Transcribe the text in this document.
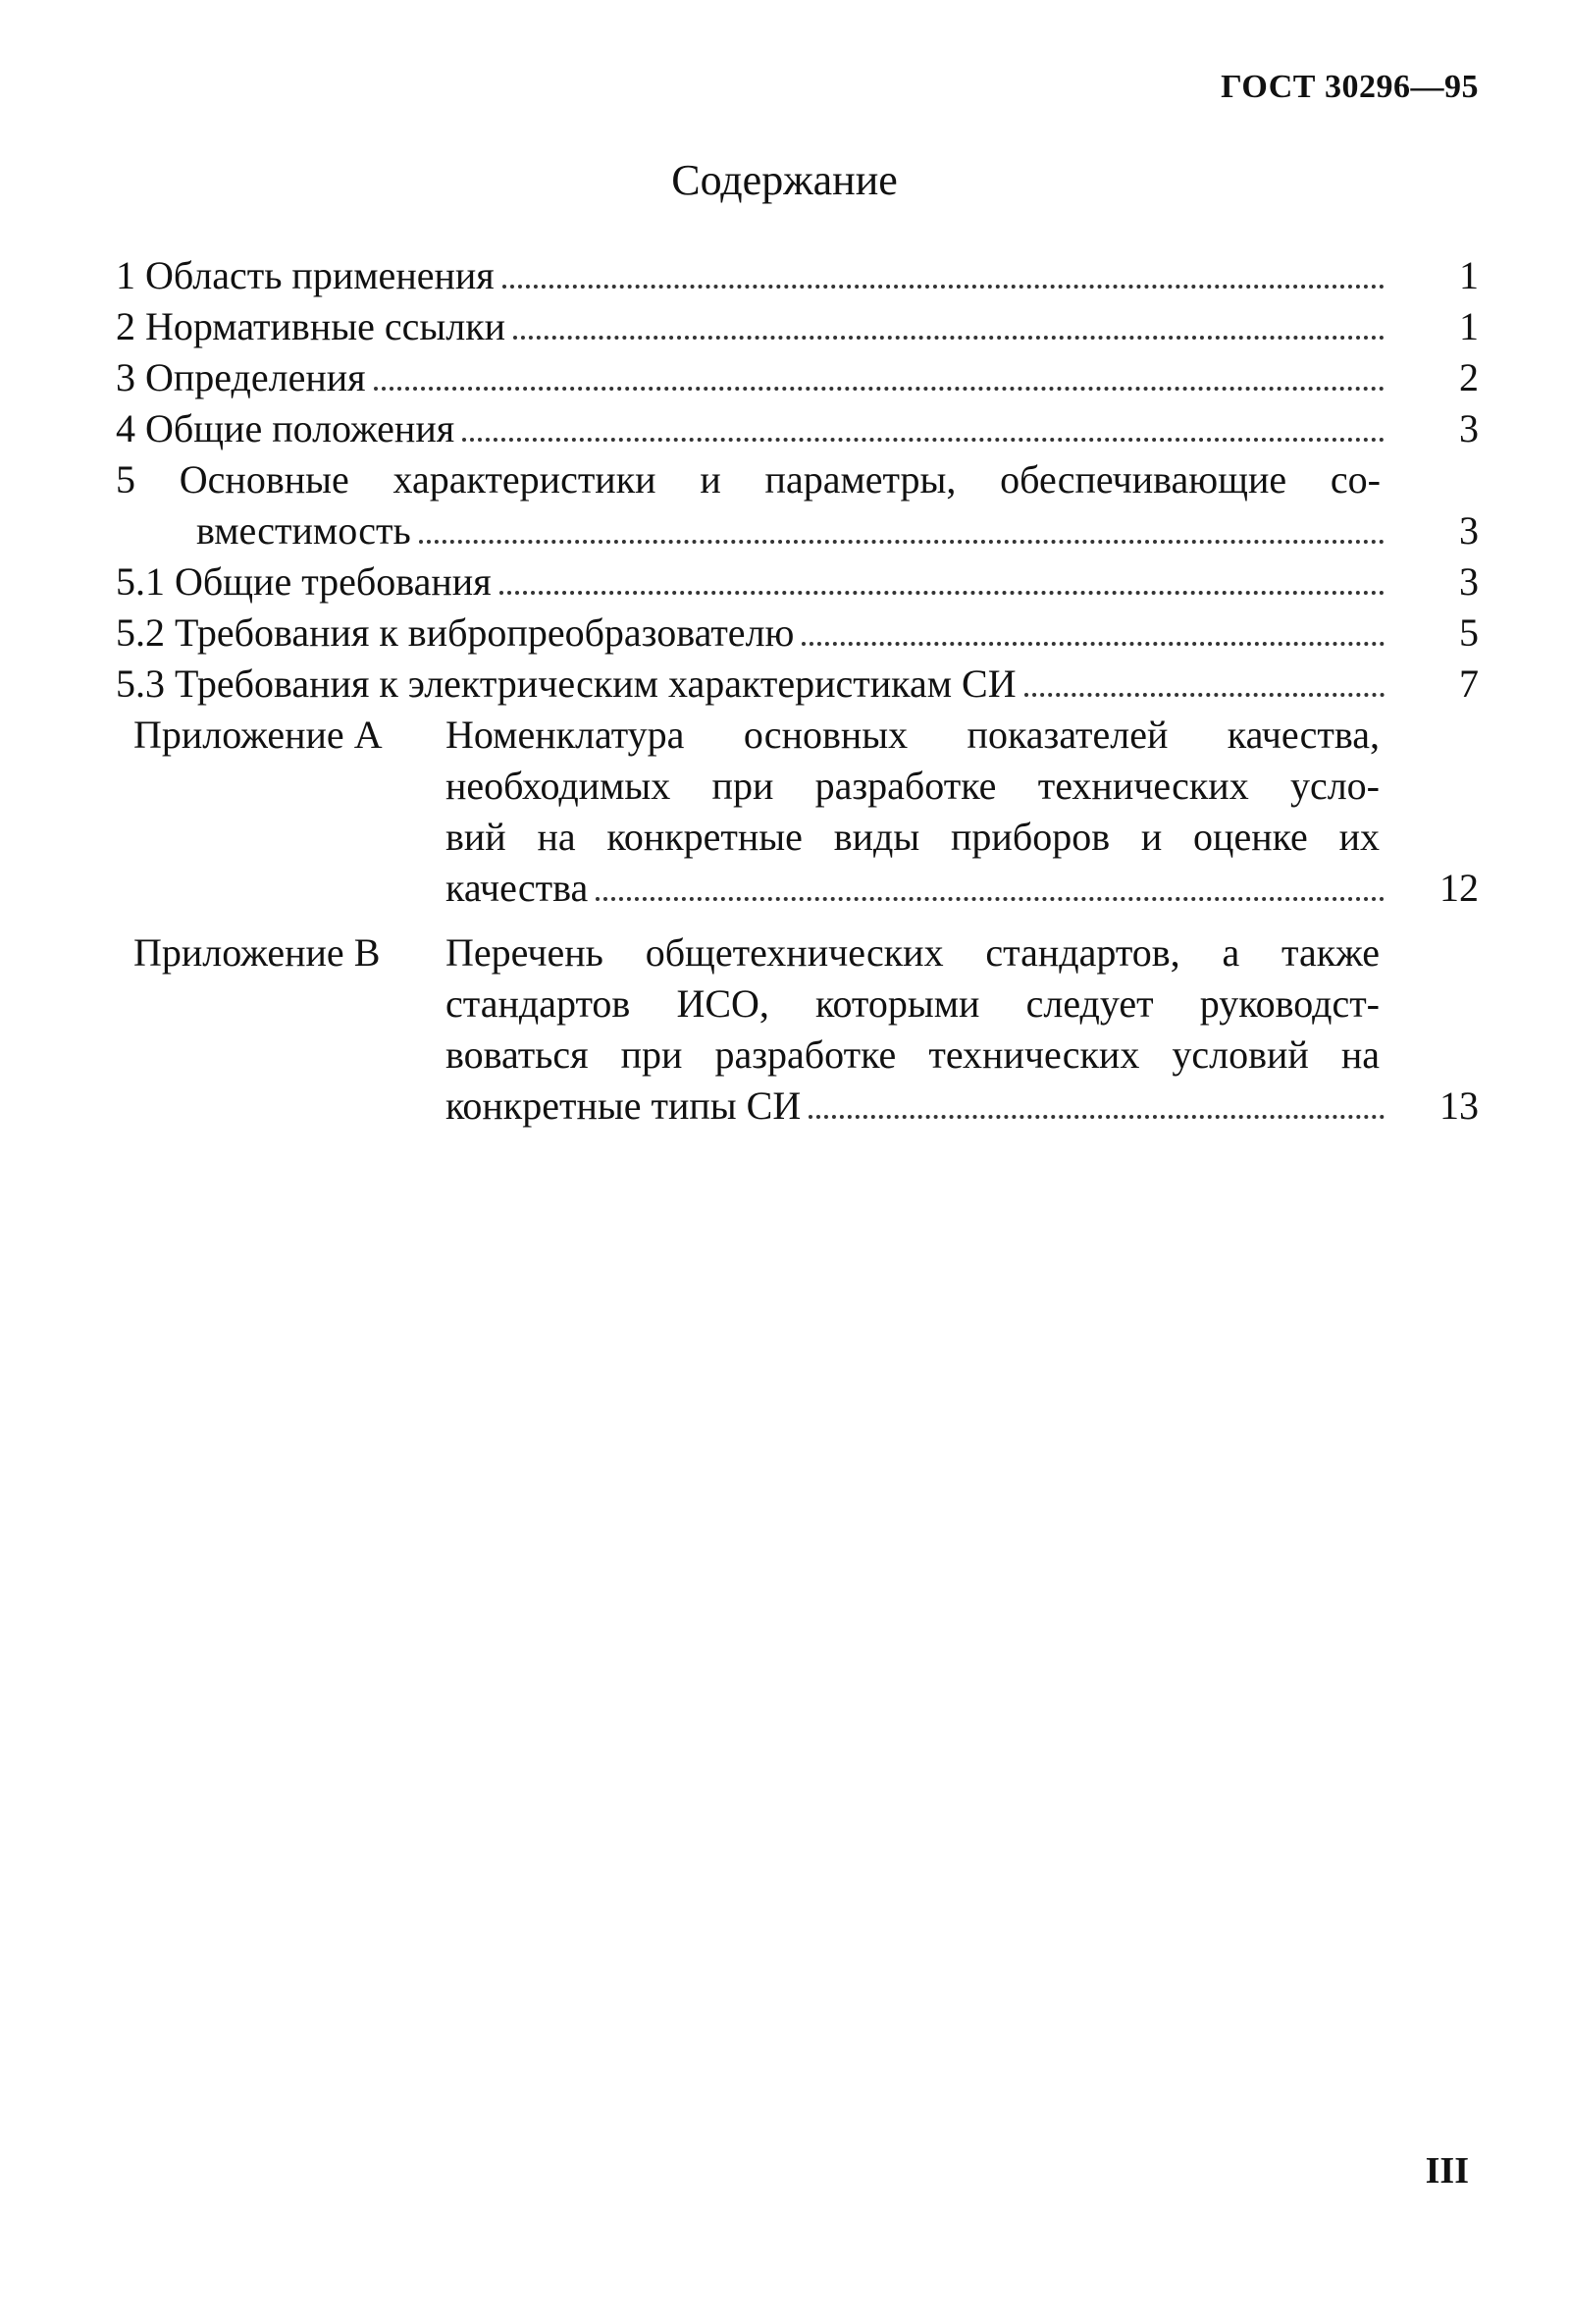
ГОСТ 30296—95
Содержание
1 Область применения	1
2 Нормативные ссылки	1
3 Определения	2
4 Общие положения	3
5 Основные характеристики и параметры, обеспечивающие со-
вместимость	3
5.1 Общие требования	3
5.2 Требования к вибропреобразователю	5
5.3 Требования к электрическим характеристикам СИ	7
Приложение А	Номенклатура основных показателей качества,
необходимых при разработке технических усло-
вий на конкретные виды приборов и оценке их
качества	12
Приложение В	Перечень общетехнических стандартов, а также
стандартов ИСО, которыми следует руководст-
воваться при разработке технических условий на
конкретные типы СИ	13
III
